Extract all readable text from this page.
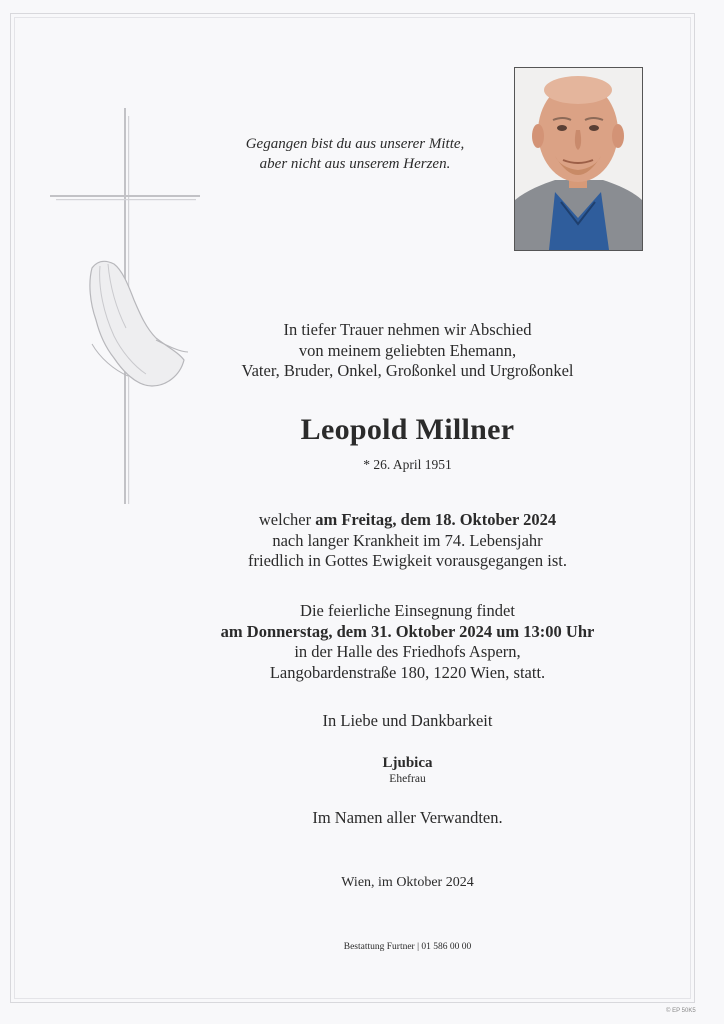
Gegangen bist du aus unserer Mitte,
aber nicht aus unserem Herzen.
In tiefer Trauer nehmen wir Abschied
von meinem geliebten Ehemann,
Vater, Bruder, Onkel, Großonkel und Urgroßonkel
Leopold Millner
* 26. April 1951
welcher am Freitag, dem 18. Oktober 2024
nach langer Krankheit im 74. Lebensjahr
friedlich in Gottes Ewigkeit vorausgegangen ist.
Die feierliche Einsegnung findet
am Donnerstag, dem 31. Oktober 2024 um 13:00 Uhr
in der Halle des Friedhofs Aspern,
Langobardenstraße 180, 1220 Wien, statt.
In Liebe und Dankbarkeit
Ljubica
Ehefrau
Im Namen aller Verwandten.
Wien, im Oktober 2024
Bestattung Furtner | 01 586 00 00
© EP 50K5
